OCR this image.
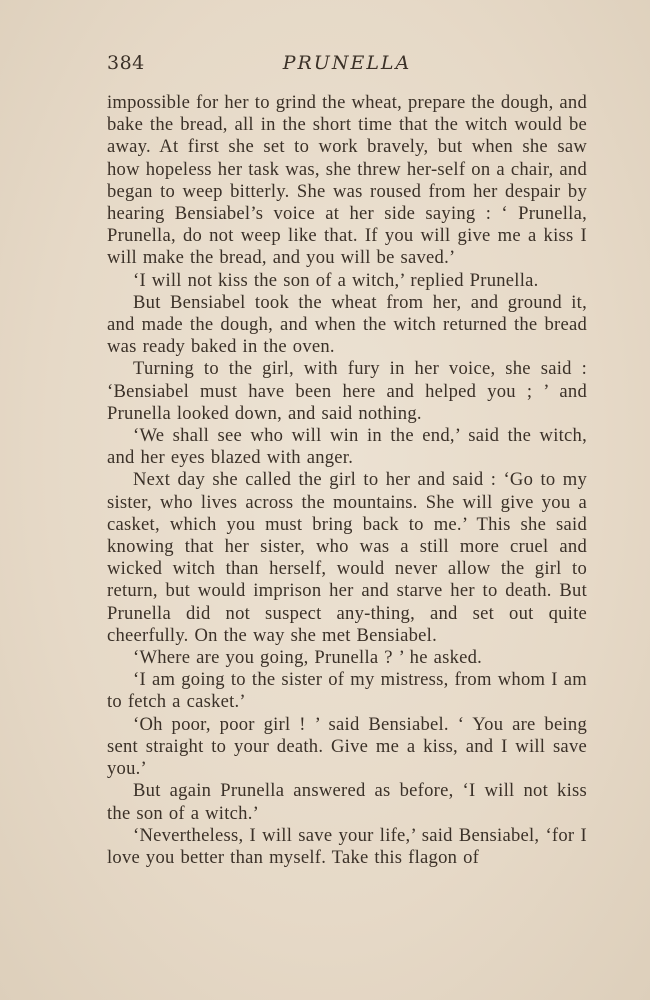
384	PRUNELLA

impossible for her to grind the wheat, prepare the dough, and bake the bread, all in the short time that the witch would be away. At first she set to work bravely, but when she saw how hopeless her task was, she threw her-self on a chair, and began to weep bitterly. She was roused from her despair by hearing Bensiabel’s voice at her side saying : ‘ Prunella, Prunella, do not weep like that. If you will give me a kiss I will make the bread, and you will be saved.’

‘I will not kiss the son of a witch,’ replied Prunella.

But Bensiabel took the wheat from her, and ground it, and made the dough, and when the witch returned the bread was ready baked in the oven.

Turning to the girl, with fury in her voice, she said : ‘Bensiabel must have been here and helped you ; ’ and Prunella looked down, and said nothing.

‘We shall see who will win in the end,’ said the witch, and her eyes blazed with anger.

Next day she called the girl to her and said : ‘Go to my sister, who lives across the mountains. She will give you a casket, which you must bring back to me.’ This she said knowing that her sister, who was a still more cruel and wicked witch than herself, would never allow the girl to return, but would imprison her and starve her to death. But Prunella did not suspect any-thing, and set out quite cheerfully. On the way she met Bensiabel.

‘Where are you going, Prunella ? ’ he asked.

‘I am going to the sister of my mistress, from whom I am to fetch a casket.’

‘Oh poor, poor girl ! ’ said Bensiabel. ‘ You are being sent straight to your death. Give me a kiss, and I will save you.’

But again Prunella answered as before, ‘I will not kiss the son of a witch.’

‘Nevertheless, I will save your life,’ said Bensiabel, ‘for I love you better than myself. Take this flagon of
